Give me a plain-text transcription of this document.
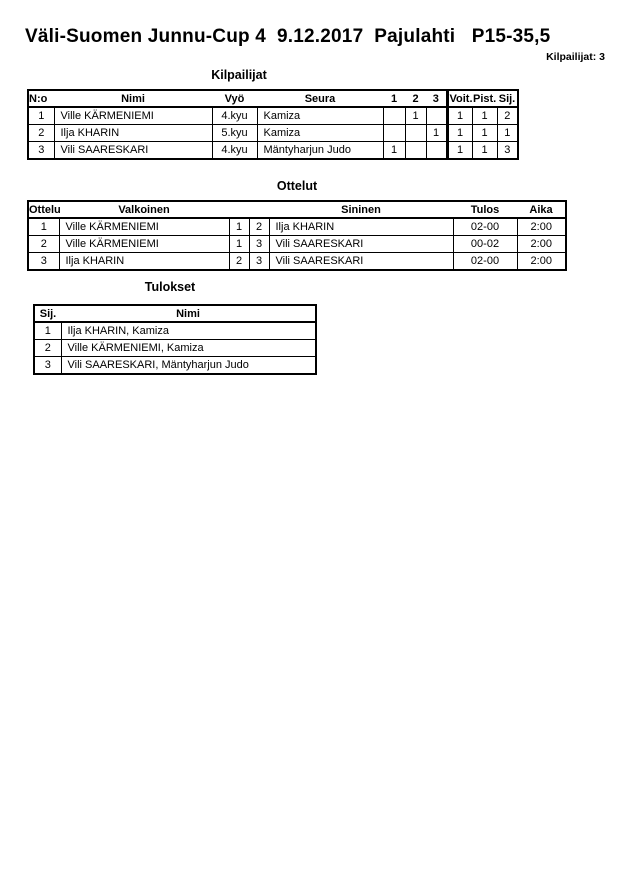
Väli-Suomen Junnu-Cup 4  9.12.2017  Pajulahti   P15-35,5
Kilpailijat: 3
Kilpailijat
N:o	Nimi	Vyö	Seura	1	2	3	Voit.	Pist.	Sij.
1	Ville KÄRMENIEMI	4.kyu	Kamiza		1		1	1	2
2	Ilja KHARIN	5.kyu	Kamiza			1	1	1	1
3	Vili SAARESKARI	4.kyu	Mäntyharjun Judo	1			1	1	3
Ottelut
Ottelu	Valkoinen			Sininen	Tulos	Aika
1	Ville KÄRMENIEMI	1	2	Ilja KHARIN	02-00	2:00
2	Ville KÄRMENIEMI	1	3	Vili SAARESKARI	00-02	2:00
3	Ilja KHARIN	2	3	Vili SAARESKARI	02-00	2:00
Tulokset
Sij.	Nimi
1	Ilja KHARIN, Kamiza
2	Ville KÄRMENIEMI, Kamiza
3	Vili SAARESKARI, Mäntyharjun Judo
